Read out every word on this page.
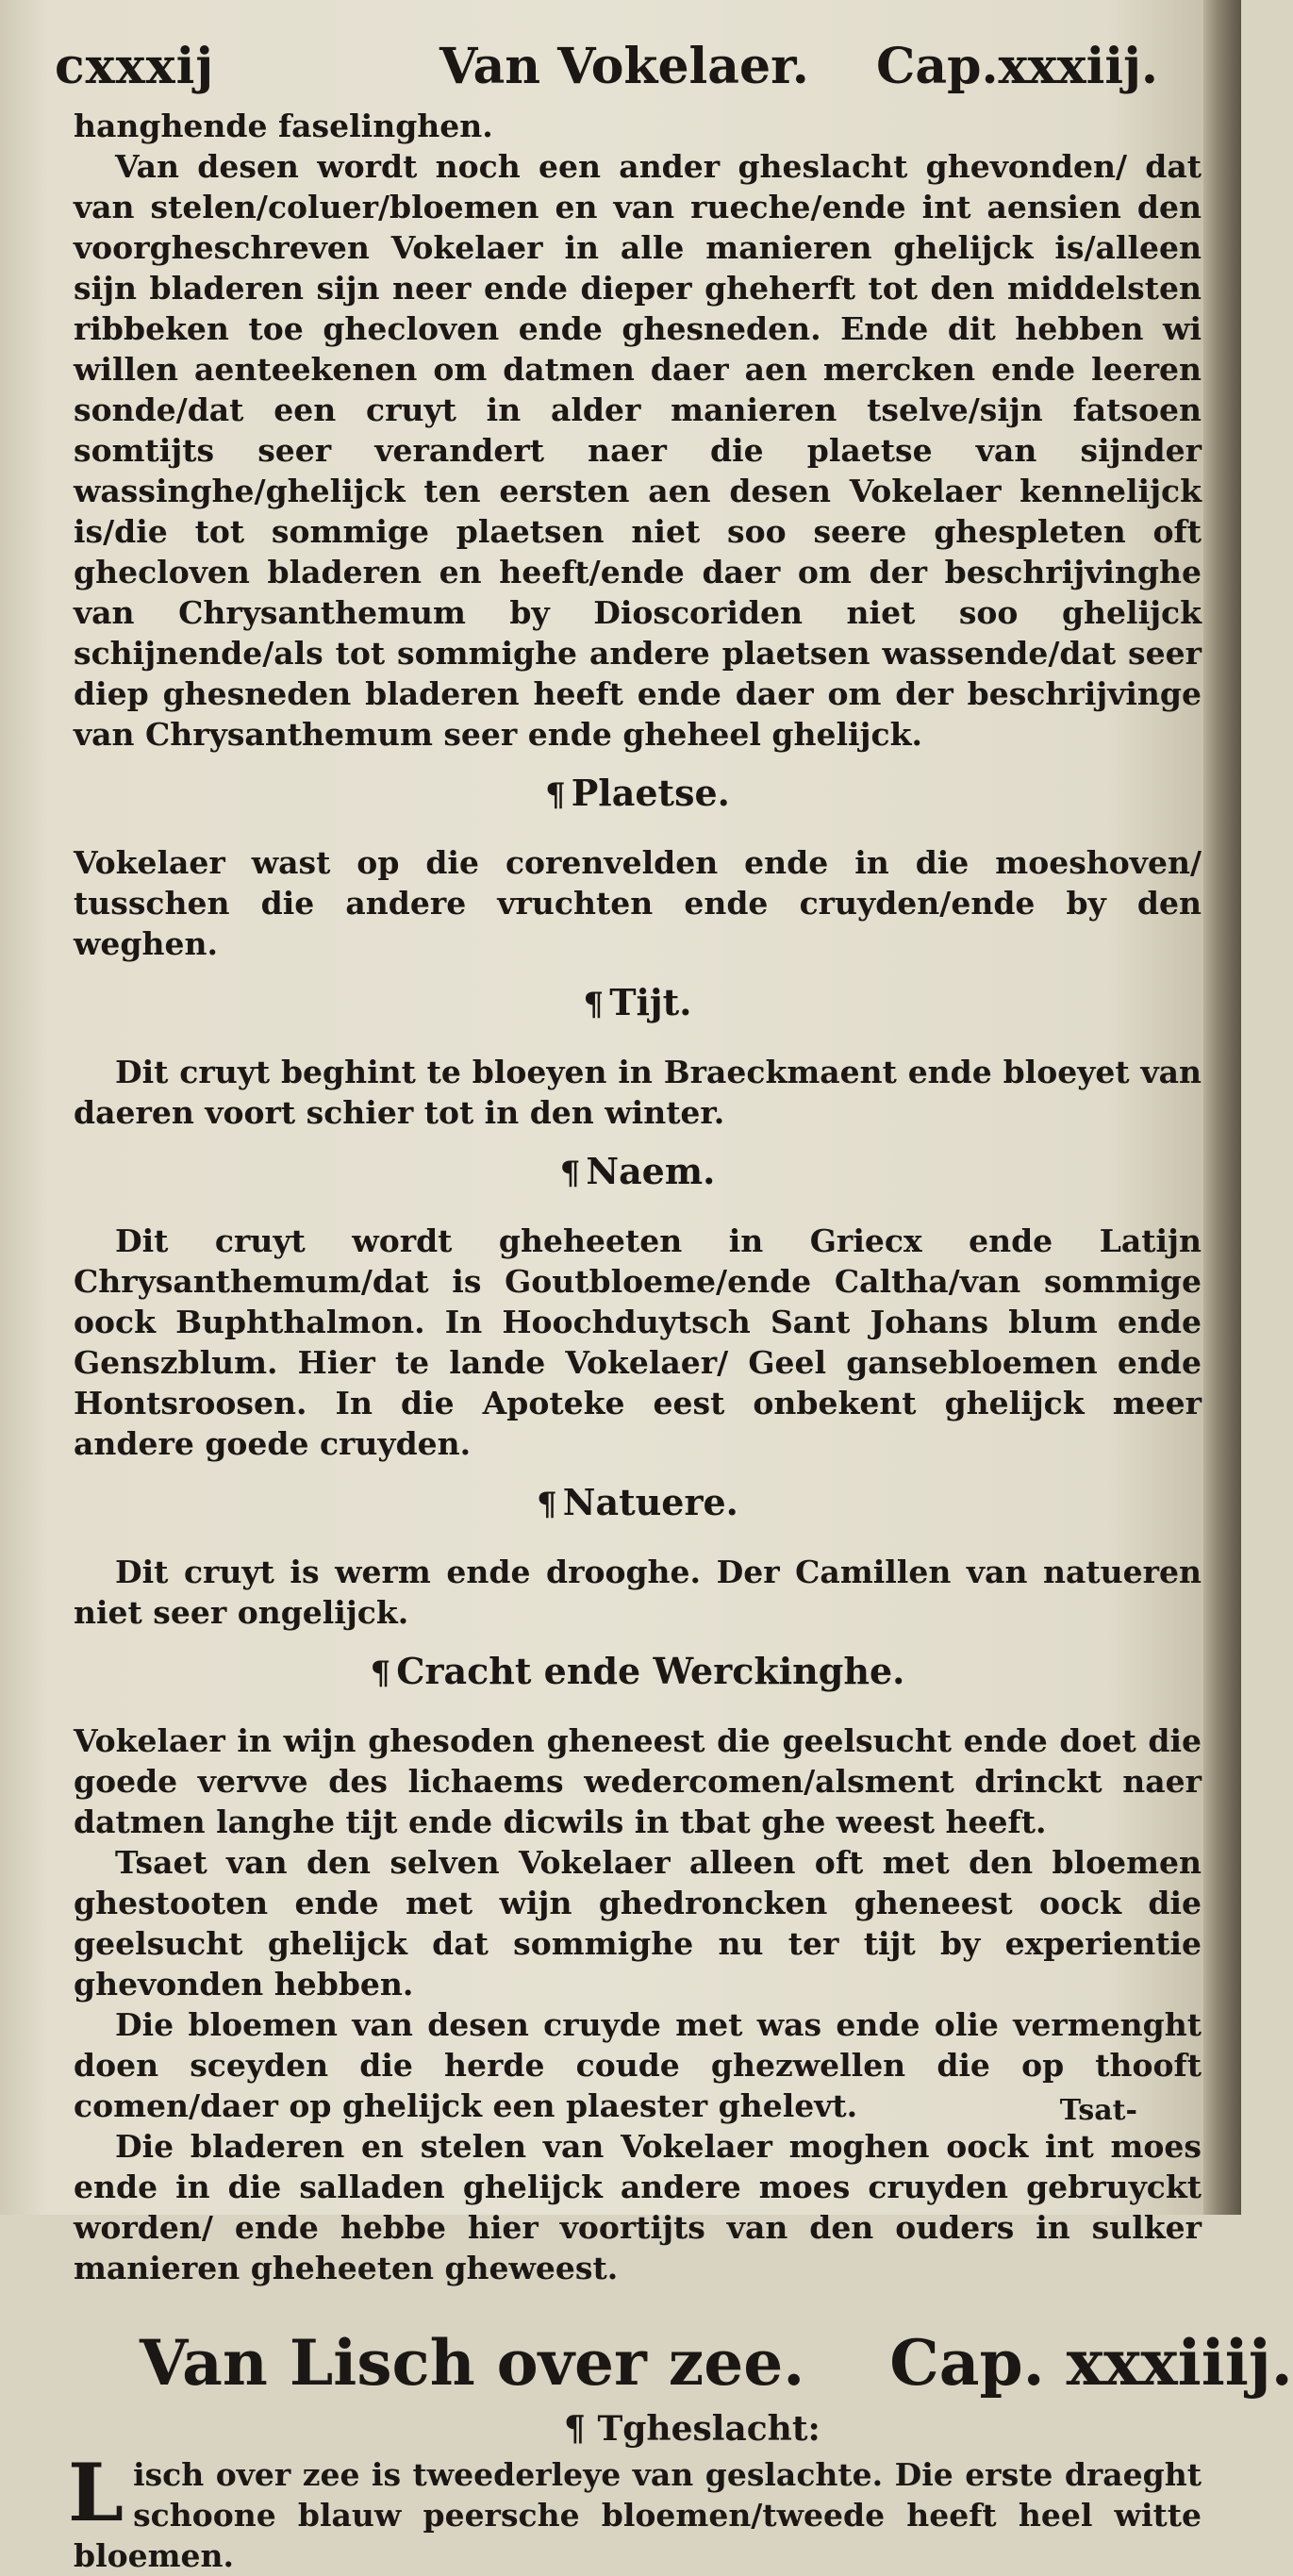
cxxxij	Van Vokelaer. Cap.xxxiij.

hanghende faselinghen.

Van desen wordt noch een ander gheslacht ghevonden/ dat van stelen/coluer/bloemen en van rueche/ende int aensien den voorgheschreven Vokelaer in alle manieren ghelijck is/alleen sijn bladeren sijn neer ende dieper gheherft tot den middelsten ribbeken toe ghecloven ende ghesneden. Ende dit hebben wi willen aenteekenen om datmen daer aen mercken ende leeren sonde/dat een cruyt in alder manieren tselve/sijn fatsoen somtijts seer verandert naer die plaetse van sijnder wassinghe/ghelijck ten eersten aen desen Vokelaer kennelijck is/die tot sommige plaetsen niet soo seere ghespleten oft ghecloven bladeren en heeft/ende daer om der beschrijvinghe van Chrysanthemum by Dioscoriden niet soo ghelijck schijnende/als tot sommighe andere plaetsen wassende/dat seer diep ghesneden bladeren heeft ende daer om der beschrijvinge van Chrysanthemum seer ende gheheel ghelijck.

¶ Plaetse.

Vokelaer wast op die corenvelden ende in die moeshoven/ tusschen die andere vruchten ende cruyden/ende by den weghen.

¶ Tijt.

Dit cruyt beghint te bloeyen in Braeckmaent ende bloeyet van daeren voort schier tot in den winter.

¶ Naem.

Dit cruyt wordt gheheeten in Griecx ende Latijn Chrysanthemum/dat is Goutbloeme/ende Caltha/van sommige oock Buphthalmon. In Hoochduytsch Sant Johans blum ende Genszblum. Hier te lande Vokelaer/ Geel gansebloemen ende Hontsroosen. In die Apoteke eest onbekent ghelijck meer andere goede cruyden.

¶ Natuere.

Dit cruyt is werm ende drooghe. Der Camillen van natueren niet seer ongelijck.

¶ Cracht ende Werckinghe.

Vokelaer in wijn ghesoden gheneest die geelsucht ende doet die goede vervve des lichaems wedercomen/alsment drinckt naer datmen langhe tijt ende dicwils in tbat ghe weest heeft.

Tsaet van den selven Vokelaer alleen oft met den bloemen ghestooten ende met wijn ghedroncken gheneest oock die geelsucht ghelijck dat sommighe nu ter tijt by experientie ghevonden hebben.

Die bloemen van desen cruyde met was ende olie vermenght doen sceyden die herde coude ghezwellen die op thooft comen/daer op ghelijck een plaester ghelevt.

Die bladeren en stelen van Vokelaer moghen oock int moes ende in die salladen ghelijck andere moes cruyden gebruyckt worden/ ende hebbe hier voortijts van den ouders in sulker manieren gheheeten gheweest.

Van Lisch over zee. Cap. xxxiiij.
¶ Tgheslacht:

Lisch over zee is tweederleye van geslachte. Die erste draeght schoone blauw peersche bloemen/tweede heeft heel witte bloemen.

Tsat-
